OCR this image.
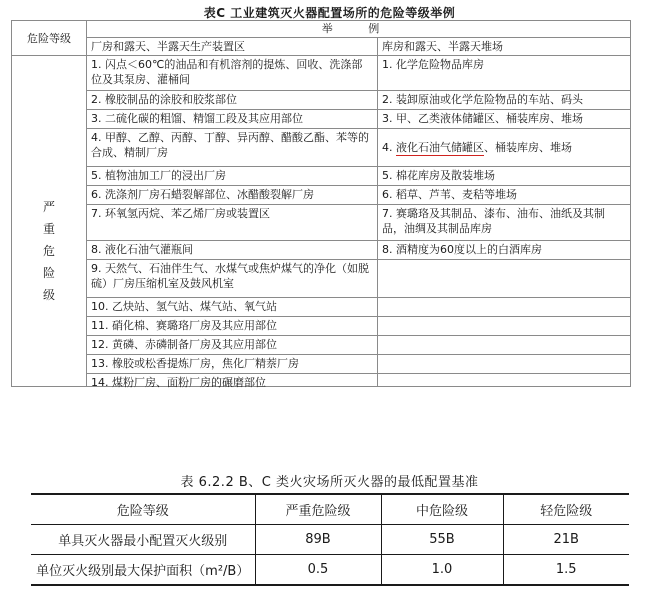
表C 工业建筑灭火器配置场所的危险等级举例
危险等级	举 例	
	厂房和露天、半露天生产装置区	库房和露天、半露天堆场

严重危险级	1. 闪点＜60℃的油品和有机溶剂的提炼、回收、洗涤部位及其泵房、灌桶间	1. 化学危险物品库房
	2. 橡胶制品的涂胶和胶浆部位	2. 装卸原油或化学危险物品的车站、码头
	3. 二硫化碳的粗馏、精馏工段及其应用部位	3. 甲、乙类液体储罐区、桶装库房、堆场
	4. 甲醇、乙醇、丙醇、丁醇、异丙醇、醋酸乙酯、苯等的合成、精制厂房	4. 液化石油气储罐区、桶装库房、堆场
	5. 植物油加工厂的浸出厂房	5. 棉花库房及散装堆场
	6. 洗涤剂厂房石蜡裂解部位、冰醋酸裂解厂房	6. 稻草、芦苇、麦秸等堆场
	7. 环氧氢丙烷、苯乙烯厂房或装置区	7. 赛璐珞及其制品、漆布、油布、油纸及其制品，油绸及其制品库房
	8. 液化石油气灌瓶间	8. 酒精度为60度以上的白酒库房
	9. 天然气、石油伴生气、水煤气或焦炉煤气的净化（如脱硫）厂房压缩机室及鼓风机室	
	10. 乙炔站、氢气站、煤气站、氧气站	
	11. 硝化棉、赛璐珞厂房及其应用部位	
	12. 黄磷、赤磷制备厂房及其应用部位	
	13. 橡胶或松香提炼厂房，焦化厂精萘厂房	

	14. 煤粉厂房、面粉厂房的碾磨部位	

表 6.2.2 B、C 类火灾场所灭火器的最低配置基准
危险等级	严重危险级	中危险级	轻危险级
单具灭火器最小配置灭火级别	89B	55B	21B
单位灭火级别最大保护面积（m²/B）	0.5	1.0	1.5
